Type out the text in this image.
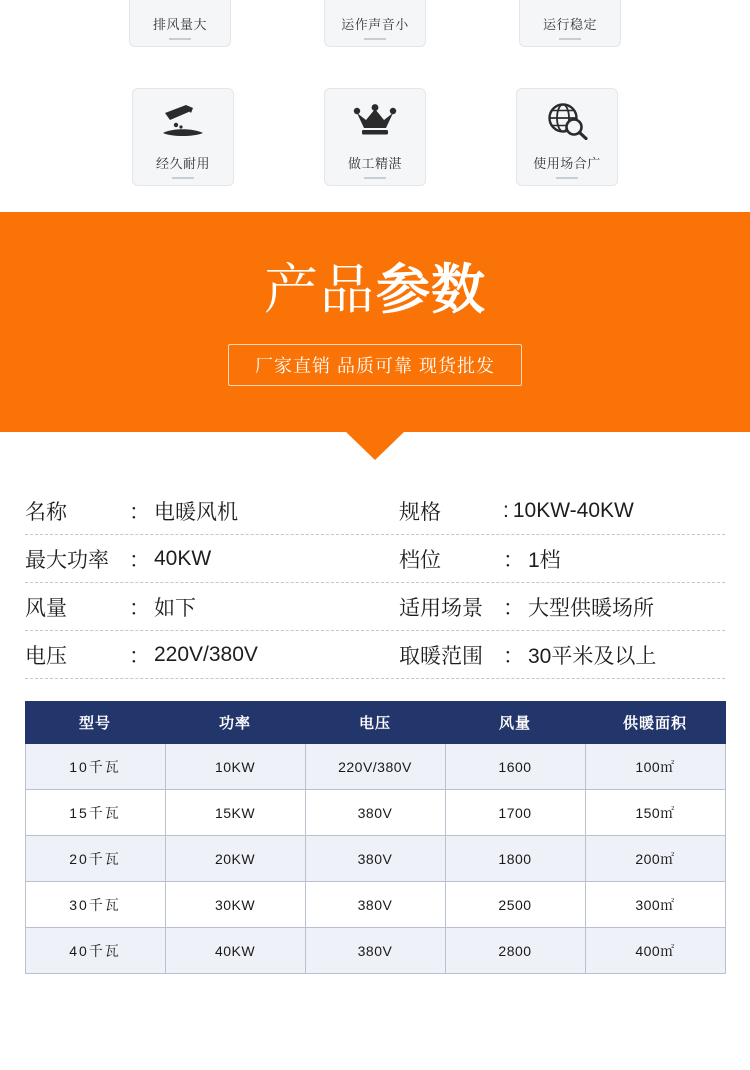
排风量大	运作声音小	运行稳定
经久耐用	做工精湛	使用场合广
产品 参数
厂家直销 品质可靠 现货批发
名称	： 电暖风机	规格	: 10KW-40KW
最大功率 ： 40KW	档位	： 1档
风量	： 如下	适用场景 ： 大型供暖场所
电压	： 220V/380V	取暖范围 ： 30平米及以上
型号	功率	电压	风量	供暖面积
10千瓦	10KW	220V/380V	1600	100㎡
15千瓦	15KW	380V	1700	150㎡
20千瓦	20KW	380V	1800	200㎡
30千瓦	30KW	380V	2500	300㎡
40千瓦	40KW	380V	2800	400㎡
